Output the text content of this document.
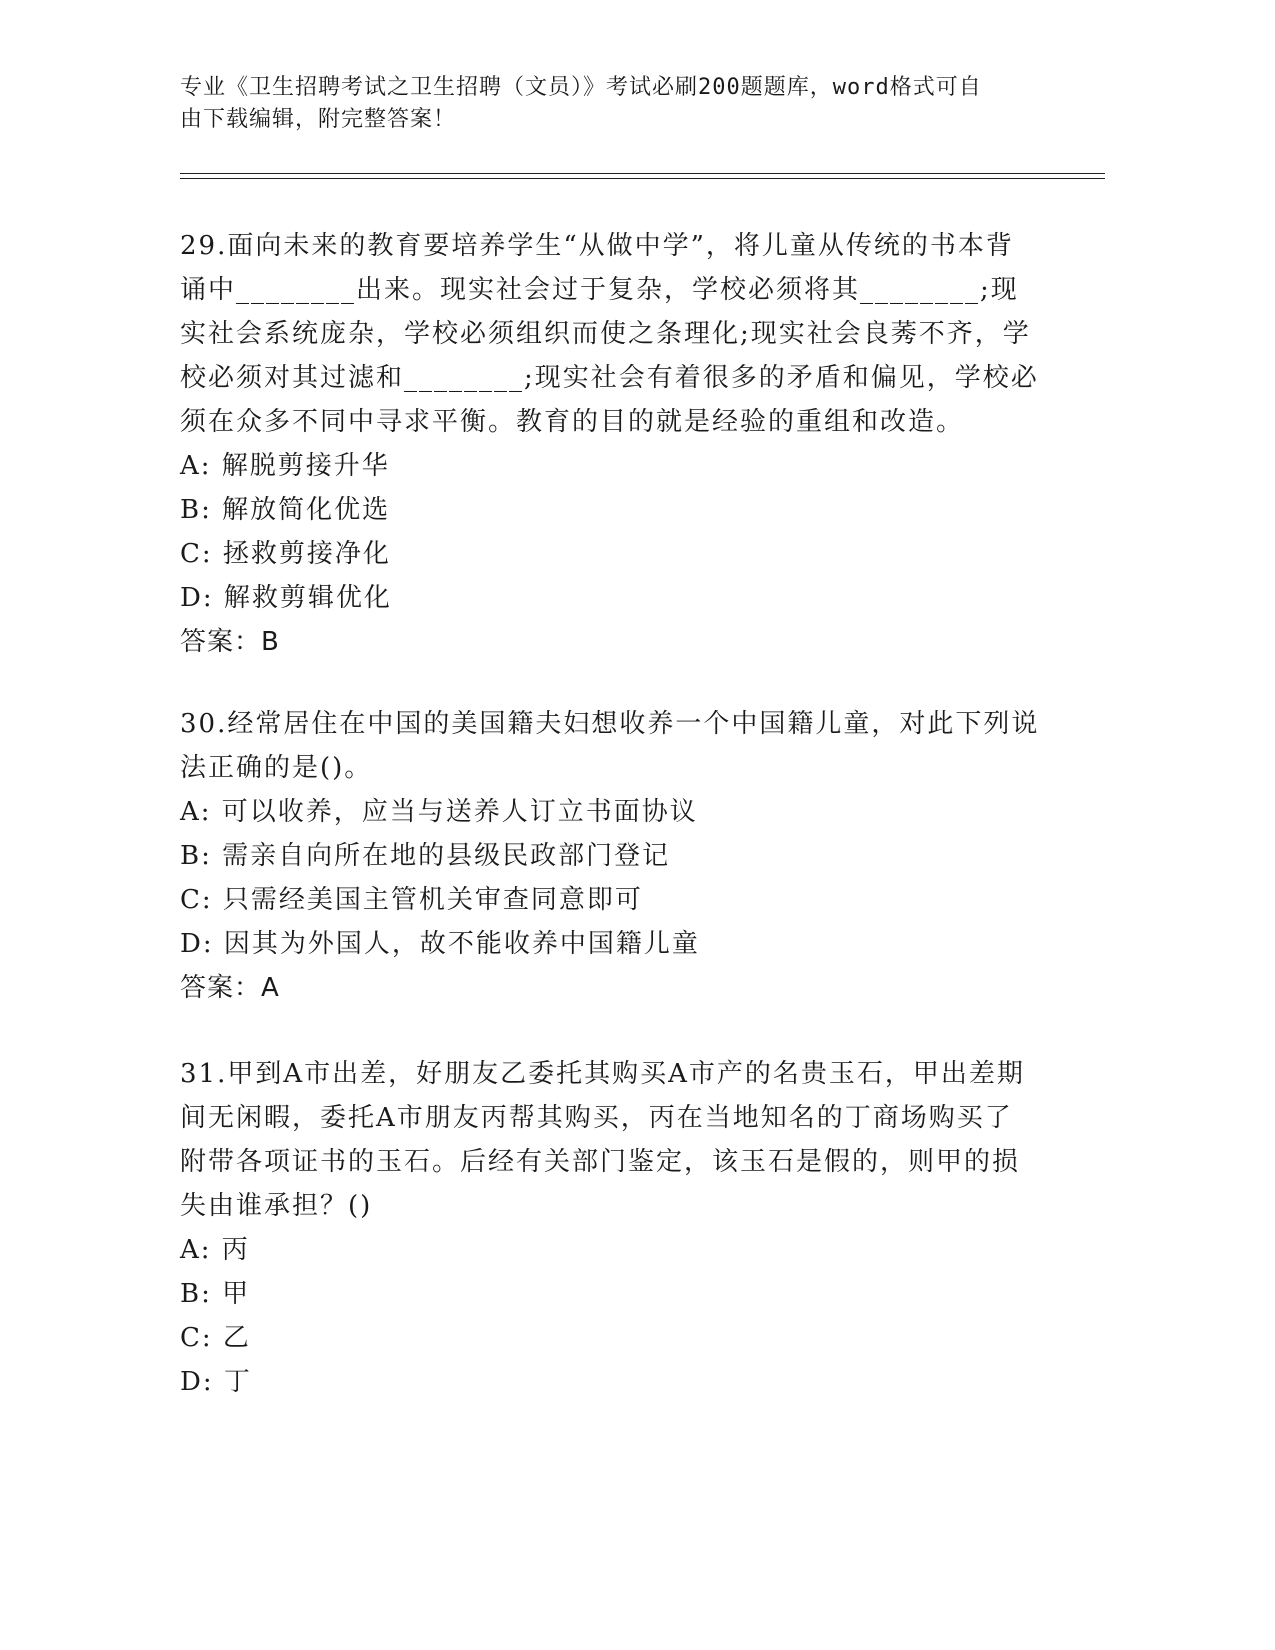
专业《卫生招聘考试之卫生招聘（文员）》考试必刷200题题库，word格式可自
由下载编辑，附完整答案！

29.面向未来的教育要培养学生“从做中学”，将儿童从传统的书本背诵中________出来。现实社会过于复杂，学校必须将其________;现实社会系统庞杂，学校必须组织而使之条理化;现实社会良莠不齐，学校必须对其过滤和________;现实社会有着很多的矛盾和偏见，学校必须在众多不同中寻求平衡。教育的目的就是经验的重组和改造。

A: 解脱剪接升华

B: 解放简化优选

C: 拯救剪接净化

D: 解救剪辑优化

答案：B

30.经常居住在中国的美国籍夫妇想收养一个中国籍儿童，对此下列说法正确的是()。

A: 可以收养，应当与送养人订立书面协议

B: 需亲自向所在地的县级民政部门登记

C: 只需经美国主管机关审查同意即可

D: 因其为外国人，故不能收养中国籍儿童

答案：A

31.甲到A市出差，好朋友乙委托其购买A市产的名贵玉石，甲出差期间无闲暇，委托A市朋友丙帮其购买，丙在当地知名的丁商场购买了附带各项证书的玉石。后经有关部门鉴定，该玉石是假的，则甲的损失由谁承担？()

A: 丙

B: 甲

C: 乙

D: 丁
